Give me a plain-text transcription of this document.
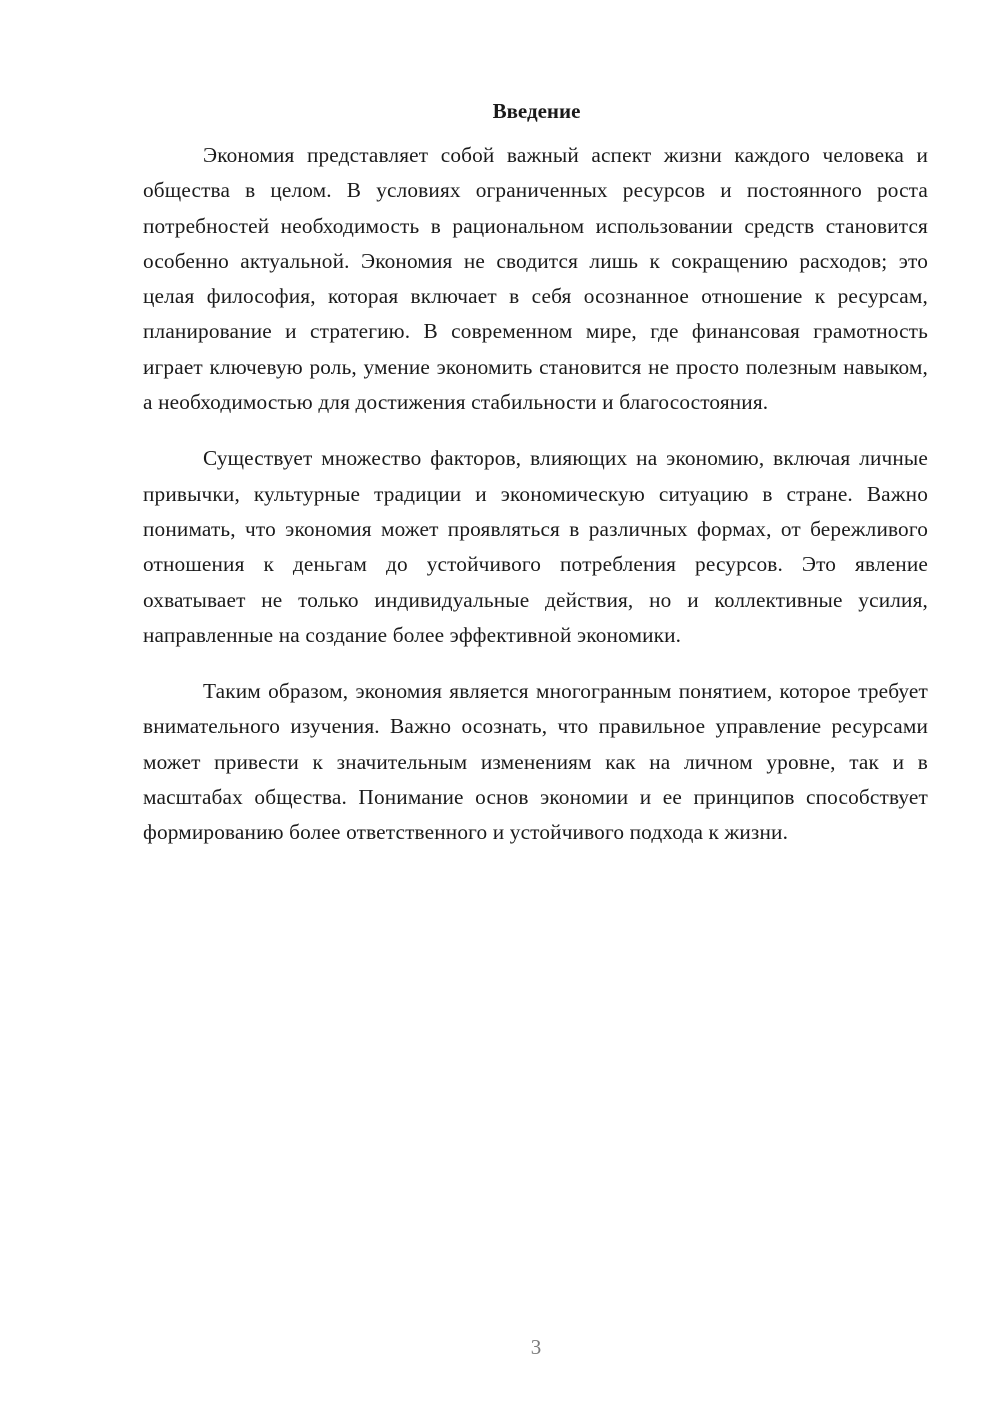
Введение

Экономия представляет собой важный аспект жизни каждого человека и общества в целом. В условиях ограниченных ресурсов и постоянного роста потребностей необходимость в рациональном использовании средств становится особенно актуальной. Экономия не сводится лишь к сокращению расходов; это целая философия, которая включает в себя осознанное отношение к ресурсам, планирование и стратегию. В современном мире, где финансовая грамотность играет ключевую роль, умение экономить становится не просто полезным навыком, а необходимостью для достижения стабильности и благосостояния.

Существует множество факторов, влияющих на экономию, включая личные привычки, культурные традиции и экономическую ситуацию в стране. Важно понимать, что экономия может проявляться в различных формах, от бережливого отношения к деньгам до устойчивого потребления ресурсов. Это явление охватывает не только индивидуальные действия, но и коллективные усилия, направленные на создание более эффективной экономики.

Таким образом, экономия является многогранным понятием, которое требует внимательного изучения. Важно осознать, что правильное управление ресурсами может привести к значительным изменениям как на личном уровне, так и в масштабах общества. Понимание основ экономии и ее принципов способствует формированию более ответственного и устойчивого подхода к жизни.

3
